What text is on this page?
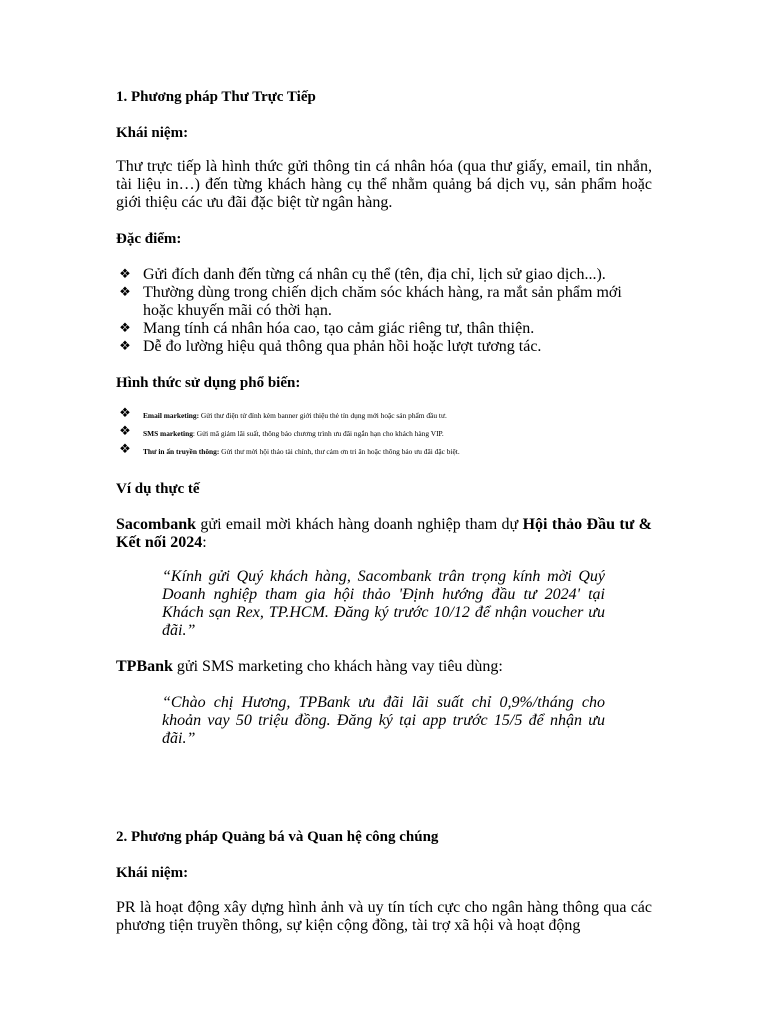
1. Phương pháp Thư Trực Tiếp
Khái niệm:
Thư trực tiếp là hình thức gửi thông tin cá nhân hóa (qua thư giấy, email, tin nhắn, tài liệu in…) đến từng khách hàng cụ thể nhằm quảng bá dịch vụ, sản phẩm hoặc giới thiệu các ưu đãi đặc biệt từ ngân hàng.
Đặc điểm:
❖ Gửi đích danh đến từng cá nhân cụ thể (tên, địa chỉ, lịch sử giao dịch...).
❖ Thường dùng trong chiến dịch chăm sóc khách hàng, ra mắt sản phẩm mới hoặc khuyến mãi có thời hạn.
❖ Mang tính cá nhân hóa cao, tạo cảm giác riêng tư, thân thiện.
❖ Dễ đo lường hiệu quả thông qua phản hồi hoặc lượt tương tác.
Hình thức sử dụng phổ biến:
❖	Email marketing: Gửi thư điện tử đính kèm banner giới thiệu thẻ tín dụng mới hoặc sản phẩm đầu tư.
❖	SMS marketing: Gửi mã giảm lãi suất, thông báo chương trình ưu đãi ngắn hạn cho khách hàng VIP.
❖	Thư in ấn truyền thông: Gửi thư mời hội thảo tài chính, thư cảm ơn tri ân hoặc thông báo ưu đãi đặc biệt.
Ví dụ thực tế
Sacombank gửi email mời khách hàng doanh nghiệp tham dự Hội thảo Đầu tư & Kết nối 2024:
“Kính gửi Quý khách hàng, Sacombank trân trọng kính mời Quý Doanh nghiệp tham gia hội thảo 'Định hướng đầu tư 2024' tại Khách sạn Rex, TP.HCM. Đăng ký trước 10/12 để nhận voucher ưu đãi.”
TPBank gửi SMS marketing cho khách hàng vay tiêu dùng:
“Chào chị Hương, TPBank ưu đãi lãi suất chỉ 0,9%/tháng cho khoản vay 50 triệu đồng. Đăng ký tại app trước 15/5 để nhận ưu đãi.”
2. Phương pháp Quảng bá và Quan hệ công chúng
Khái niệm:
PR là hoạt động xây dựng hình ảnh và uy tín tích cực cho ngân hàng thông qua các phương tiện truyền thông, sự kiện cộng đồng, tài trợ xã hội và hoạt động
